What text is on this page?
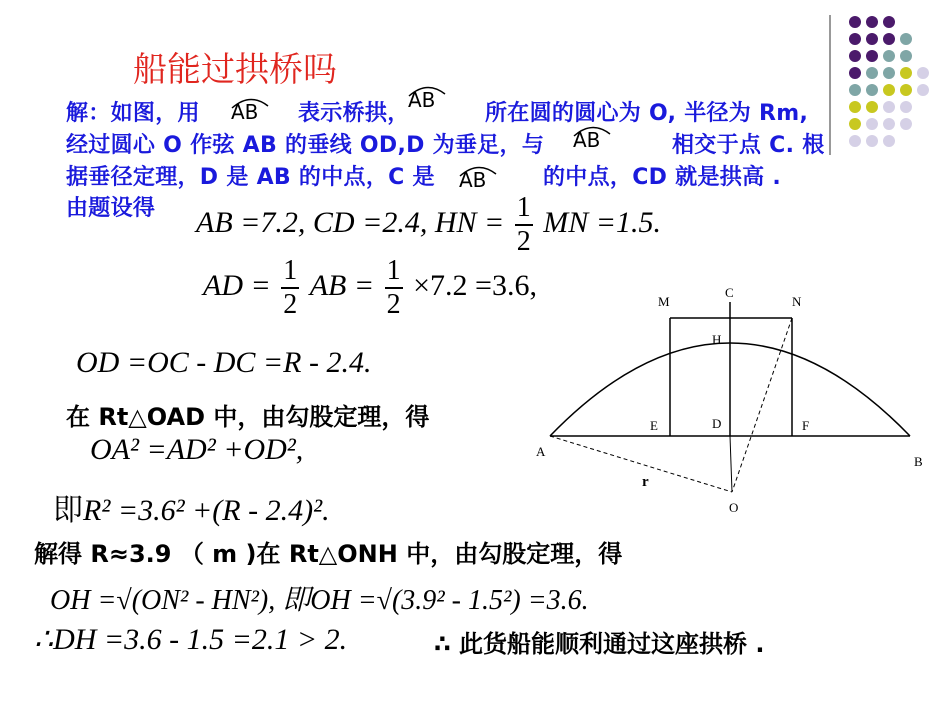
船能过拱桥吗
解：如图，用	表示桥拱，	所在圆的圆心为 O, 半径为 Rm,
经过圆心 O 作弦 AB 的垂线 OD,D 为垂足，与	相交于点 C. 根
据垂径定理，D 是 AB 的中点，C 是	的中点，CD 就是拱高 .
由题设得
AB	AB
AB
AB
AB =7.2, CD =2.4, HN = $\frac{1}{2}$ MN =1.5.
AD = $\frac{1}{2}$ AB = $\frac{1}{2} \times 7.2 =3.6$,
OD =OC - DC =R - 2.4.
在 Rt△OAD 中，由勾股定理，得
OA² =AD² +OD²,
即R² =3.6² +(R - 2.4)².
解得 R≈3.9 （ m )在 Rt△ONH 中，由勾股定理，得
OH =√(ON² - HN²), 即OH =√(3.9² - 1.5²) =3.6.
∴DH =3.6 - 1.5 =2.1 > 2.	∴ 此货船能顺利通过这座拱桥 .
M
C
N
H
E	D	F
A
B
O
r
